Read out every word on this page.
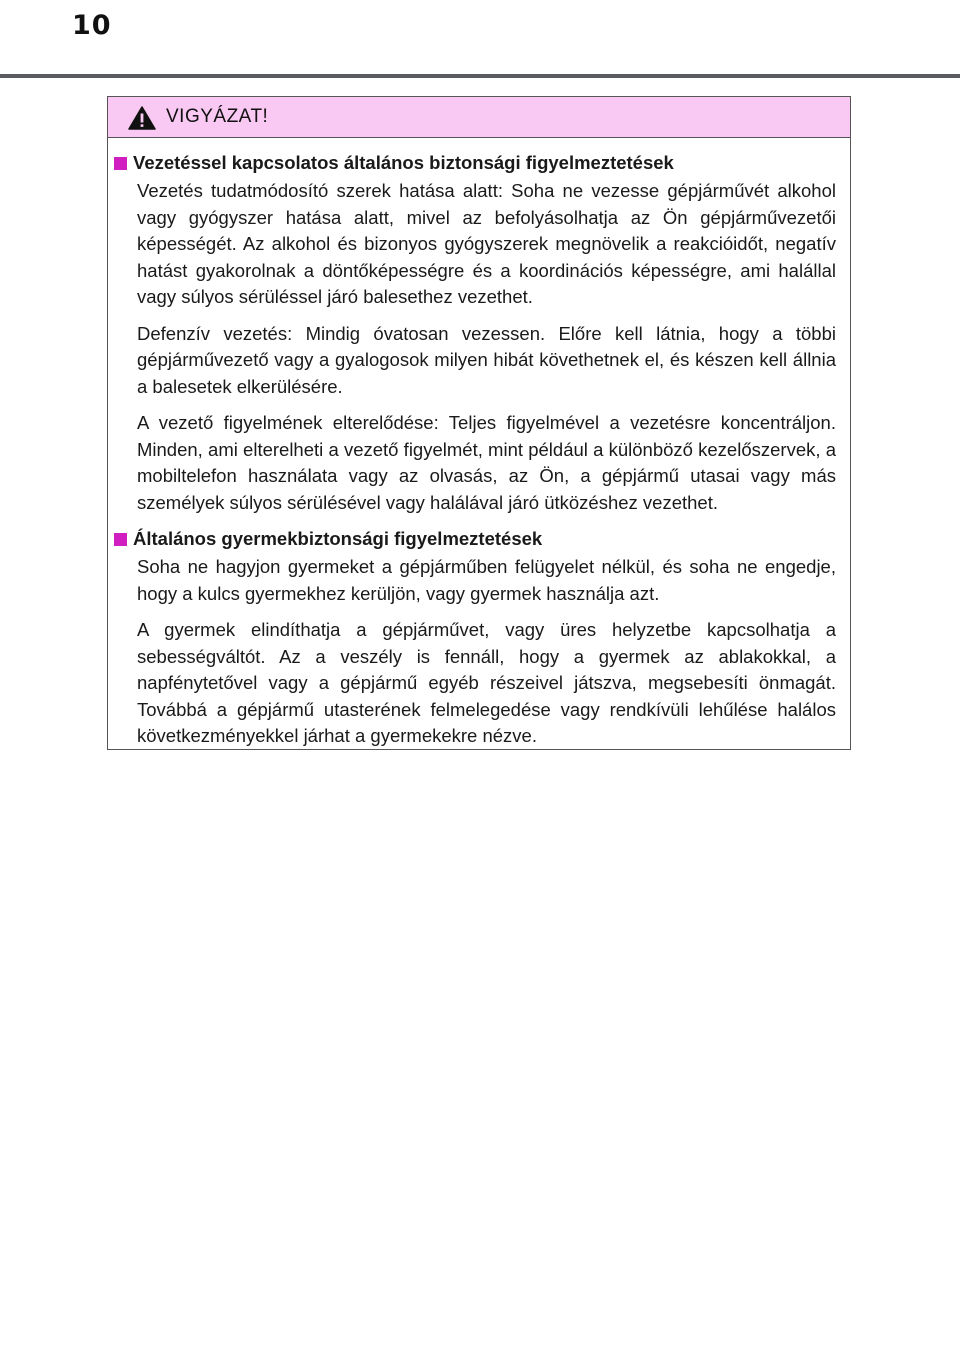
10
VIGYÁZAT!
Vezetéssel kapcsolatos általános biztonsági figyelmeztetések

Vezetés tudatmódosító szerek hatása alatt: Soha ne vezesse gépjárművét alkohol vagy gyógyszer hatása alatt, mivel az befolyásolhatja az Ön gépjárművezetői képességét. Az alkohol és bizonyos gyógyszerek megnövelik a reakcióidőt, negatív hatást gyakorolnak a döntőképességre és a koordinációs képességre, ami halállal vagy súlyos sérüléssel járó balesethez vezethet.

Defenzív vezetés: Mindig óvatosan vezessen. Előre kell látnia, hogy a többi gépjárművezető vagy a gyalogosok milyen hibát követhetnek el, és készen kell állnia a balesetek elkerülésére.

A vezető figyelmének elterelődése: Teljes figyelmével a vezetésre koncentráljon. Minden, ami elterelheti a vezető figyelmét, mint például a különböző kezelőszervek, a mobiltelefon használata vagy az olvasás, az Ön, a gépjármű utasai vagy más személyek súlyos sérülésével vagy halálával járó ütközéshez vezethet.

Általános gyermekbiztonsági figyelmeztetések

Soha ne hagyjon gyermeket a gépjárműben felügyelet nélkül, és soha ne engedje, hogy a kulcs gyermekhez kerüljön, vagy gyermek használja azt.

A gyermek elindíthatja a gépjárművet, vagy üres helyzetbe kapcsolhatja a sebességváltót. Az a veszély is fennáll, hogy a gyermek az ablakokkal, a napfénytetővel vagy a gépjármű egyéb részeivel játszva, megsebesíti önmagát. Továbbá a gépjármű utasterének felmelegedése vagy rendkívüli lehűlése halálos következményekkel járhat a gyermekekre nézve.
